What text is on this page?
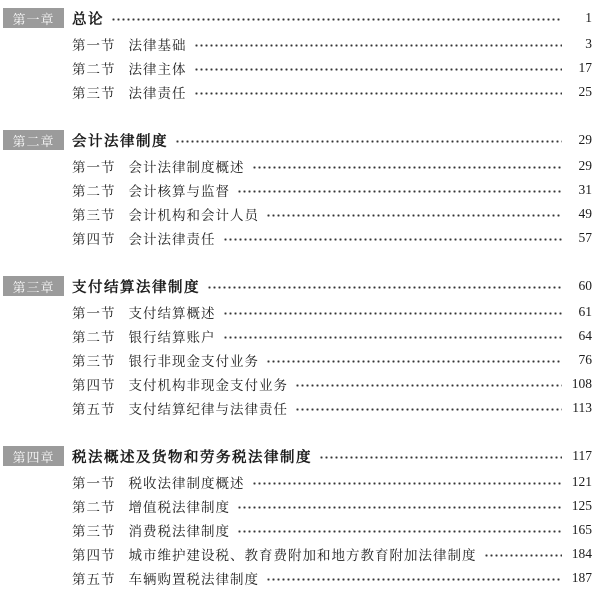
第一章	总论	1
第一节 法律基础	3
第二节 法律主体	17
第三节 法律责任	25
第二章	会计法律制度	29
第一节 会计法律制度概述	29
第二节 会计核算与监督	31
第三节 会计机构和会计人员	49
第四节 会计法律责任	57
第三章	支付结算法律制度	60
第一节 支付结算概述	61
第二节 银行结算账户	64
第三节 银行非现金支付业务	76
第四节 支付机构非现金支付业务	108
第五节 支付结算纪律与法律责任	113
第四章	税法概述及货物和劳务税法律制度	117
第一节 税收法律制度概述	121
第二节 增值税法律制度	125
第三节 消费税法律制度	165
第四节 城市维护建设税、教育费附加和地方教育附加法律制度	184
第五节 车辆购置税法律制度	187
